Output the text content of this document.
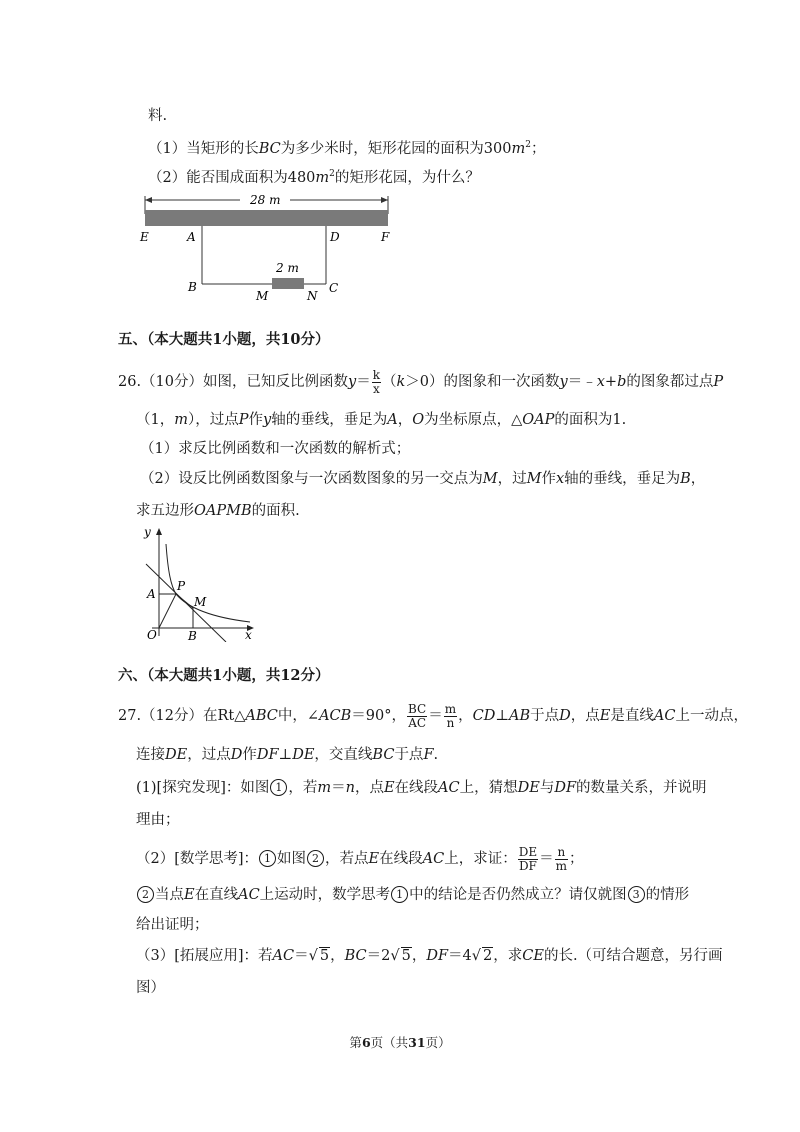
料.
（1）当矩形的长BC为多少米时，矩形花园的面积为$300m^2$；
（2）能否围成面积为$480m^2$的矩形花园，为什么？
28 m
2 m
E	A	D	F
B
M	N
C
五、（本大题共1小题，共10分）
26.（10分）如图，已知反比例函数$y= \frac{k}{x} (k>0)$的图象和一次函数y＝﹣x+b的图象都过点P
（1，m），过点P作y轴的垂线，垂足为A，O为坐标原点，△OAP的面积为1.
（1）求反比例函数和一次函数的解析式；
（2）设反比例函数图象与一次函数图象的另一交点为M，过M作x轴的垂线，垂足为B，
求五边形OAPMB的面积.
y
x
O
A
P
M
B
六、（本大题共1小题，共12分）
27.（12分）在Rt△ABC中，∠ACB＝90°， $\frac{BC}{AC} = \frac{m}{n}$ ，CD⊥AB于点D，点E是直线AC上一动点，
连接DE，过点D作DF⊥DE，交直线BC于点F.
(1)[探究发现]：如图 1 ，若m＝n，点E在线段AC上，猜想DE与DF的数量关系，并说明
理由；
（2）[数学思考]： 1 如图 2 ，若点E在线段AC上，求证： $\frac{DE}{DF} = \frac{n}{m}$ ；
2 当点E在直线AC上运动时，数学思考 1 中的结论是否仍然成立？请仅就图 3 的情形
给出证明；
（3）[拓展应用]：若AC＝√ 5，BC＝2√ 5，DF＝4√ 2，求CE的长.（可结合题意，另行画
图）
第6页（共31页）
